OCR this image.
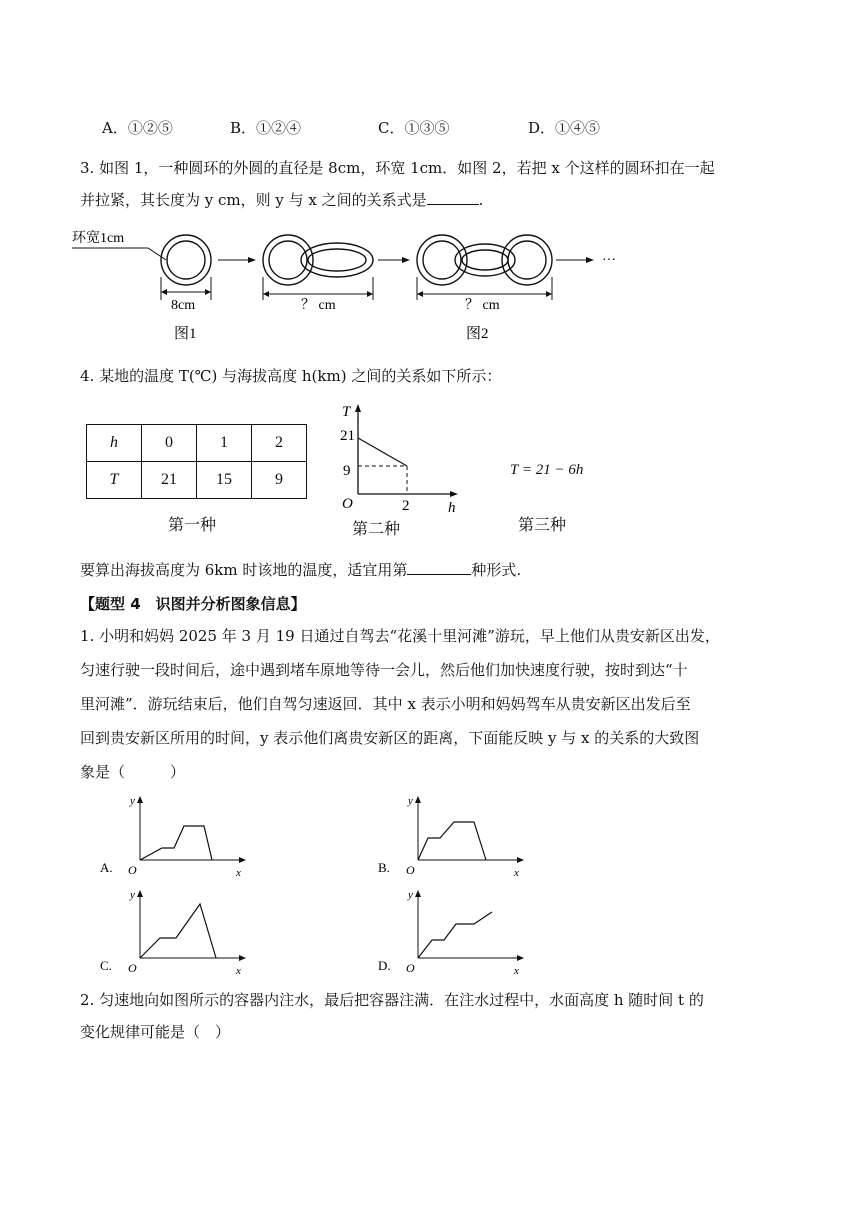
A．①②⑤	B．①②④	C．①③⑤	D．①④⑤
3. 如图 1，一种圆环的外圆的直径是 8cm，环宽 1cm．如图 2，若把 x 个这样的圆环扣在一起
并拉紧，其长度为 y cm，则 y 与 x 之间的关系式是	.
环宽1cm
8cm
图1
？ cm	？ cm
图2
···
4. 某地的温度 T(℃) 与海拔高度 h(km) 之间的关系如下所示：
h	0	1	2
T	21	15	9
T
h
O
21
9
2
T = 21 − 6h
第一种	第二种	第三种
要算出海拔高度为 6km 时该地的温度，适宜用第	种形式.
【题型 4　识图并分析图象信息】
1. 小明和妈妈 2025 年 3 月 19 日通过自驾去“花溪十里河滩”游玩，早上他们从贵安新区出发，
匀速行驶一段时间后，途中遇到堵车原地等待一会儿，然后他们加快速度行驶，按时到达“十
里河滩”．游玩结束后，他们自驾匀速返回．其中 x 表示小明和妈妈驾车从贵安新区出发后至
回到贵安新区所用的时间，y 表示他们离贵安新区的距离，下面能反映 y 与 x 的关系的大致图
象是（　　　）
A.
y
x
O	B.
y
x
O
C.
y
x
O	D.
y
x
O
2. 匀速地向如图所示的容器内注水，最后把容器注满．在注水过程中，水面高度 h 随时间 t 的
变化规律可能是（　）
